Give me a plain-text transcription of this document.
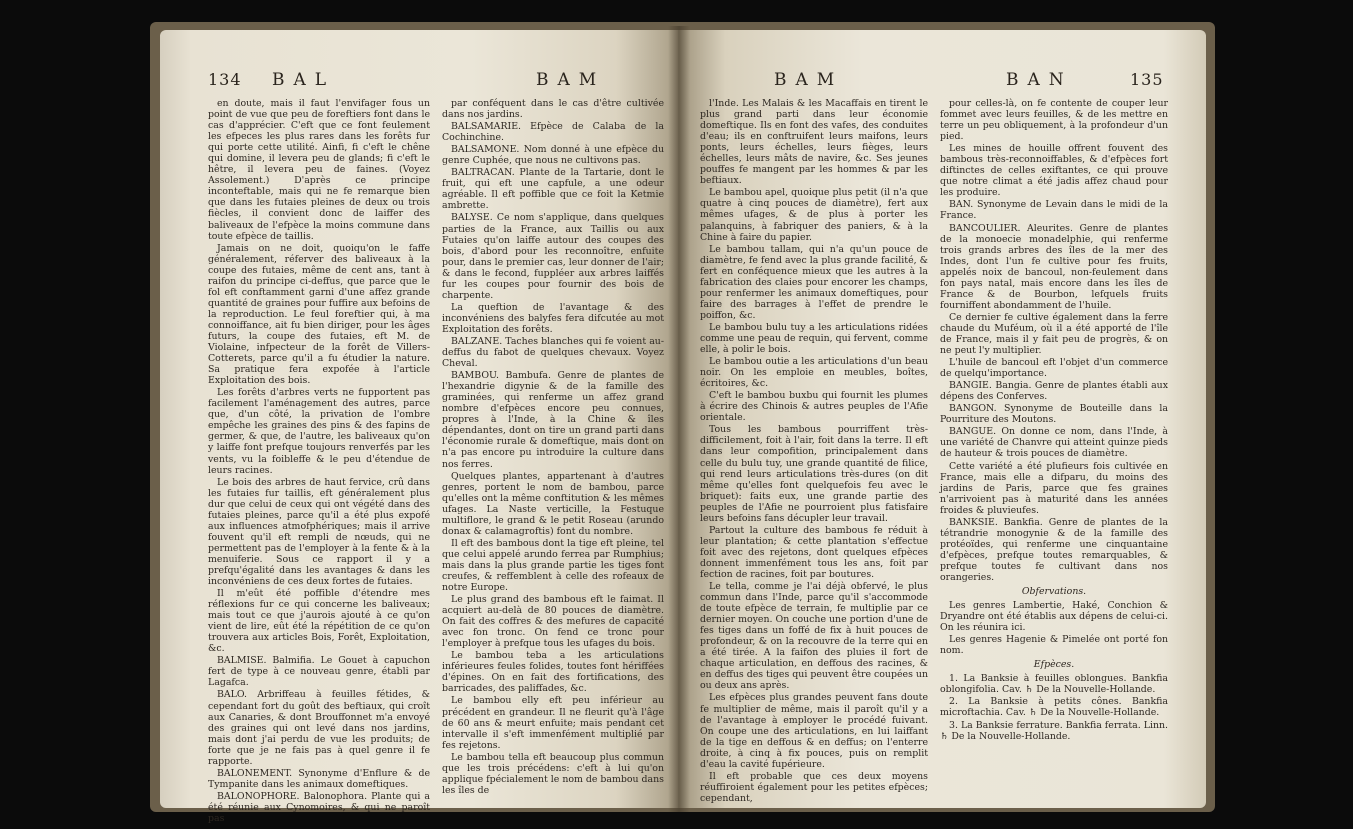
134 BAL	BAM

en doute, mais il faut l'envifager fous un point de vue que peu de foreftiers font dans le cas d'apprécier. C'eft que ce font feulement les efpeces les plus rares dans les forêts fur qui porte cette utilité. Ainfi, fi c'eft le chêne qui domine, il levera peu de glands; fi c'eft le hêtre, il levera peu de faines. (Voyez Assolement.) D'après ce principe inconteftable, mais qui ne fe remarque bien que dans les futaies pleines de deux ou trois fiècles, il convient donc de laiffer des baliveaux de l'efpèce la moins commune dans toute efpèce de taillis.

Jamais on ne doit, quoiqu'on le faffe généralement, réferver des baliveaux à la coupe des futaies, même de cent ans, tant à raifon du principe ci-deffus, que parce que le fol eft conftamment garni d'une affez grande quantité de graines pour fuffire aux befoins de la reproduction. Le feul foreftier qui, à ma connoiffance, ait fu bien diriger, pour les âges futurs, la coupe des futaies, eft M. de Violaine, infpecteur de la forêt de Villers-Cotterets, parce qu'il a fu étudier la nature. Sa pratique fera expofée à l'article Exploitation des bois.

Les forêts d'arbres verts ne fupportent pas facilement l'aménagement des autres, parce que, d'un côté, la privation de l'ombre empêche les graines des pins & des fapins de germer, & que, de l'autre, les baliveaux qu'on y laiffe font prefque toujours renverfés par les vents, vu la foibleffe & le peu d'étendue de leurs racines.

Le bois des arbres de haut fervice, crû dans les futaies fur taillis, eft généralement plus dur que celui de ceux qui ont végété dans des futaies pleines, parce qu'il a été plus expofé aux influences atmofphériques; mais il arrive fouvent qu'il eft rempli de nœuds, qui ne permettent pas de l'employer à la fente & à la menuiferie. Sous ce rapport il y a prefqu'égalité dans les avantages & dans les inconvéniens de ces deux fortes de futaies.

Il m'eût été poffible d'étendre mes réflexions fur ce qui concerne les baliveaux; mais tout ce que j'aurois ajouté à ce qu'on vient de lire, eût été la répétition de ce qu'on trouvera aux articles Bois, Forêt, Exploitation, &c.

BALMISE. Balmifia. Le Gouet à capuchon fert de type à ce nouveau genre, établi par Lagafca.

BALO. Arbriffeau à feuilles fétides, & cependant fort du goût des beftiaux, qui croît aux Canaries, & dont Brouffonnet m'a envoyé des graines qui ont levé dans nos jardins, mais dont j'ai perdu de vue les produits; de forte que je ne fais pas à quel genre il fe rapporte.

BALONEMENT. Synonyme d'Enflure & de Tympanite dans les animaux domeftiques.

BALONOPHORE. Balonophora. Plante qui a été réunie aux Cynomoires, & qui ne paroît pas

par conféquent dans le cas d'être cultivée dans nos jardins.

BALSAMARIE. Efpèce de Calaba de la Cochinchine.

BALSAMONE. Nom donné à une efpèce du genre Cuphée, que nous ne cultivons pas.

BALTRACAN. Plante de la Tartarie, dont le fruit, qui eft une capfule, a une odeur agréable. Il eft poffible que ce foit la Ketmie ambrette.

BALYSE. Ce nom s'applique, dans quelques parties de la France, aux Taillis ou aux Futaies qu'on laiffe autour des coupes des bois, d'abord pour les reconnoître, enfuite pour, dans le premier cas, leur donner de l'air; & dans le fecond, fuppléer aux arbres laiffés fur les coupes pour fournir des bois de charpente.

La queftion de l'avantage & des inconvéniens des balyfes fera difcutée au mot Exploitation des forêts.

BALZANE. Taches blanches qui fe voient au-deffus du fabot de quelques chevaux. Voyez Cheval.

BAMBOU. Bambufa. Genre de plantes de l'hexandrie digynie & de la famille des graminées, qui renferme un affez grand nombre d'efpèces encore peu connues, propres à l'Inde, à la Chine & îles dépendantes, dont on tire un grand parti dans l'économie rurale & domeftique, mais dont on n'a pas encore pu introduire la culture dans nos ferres.

Quelques plantes, appartenant à d'autres genres, portent le nom de bambou, parce qu'elles ont la même conftitution & les mêmes ufages. La Naste verticille, la Festuque multiflore, le grand & le petit Roseau (arundo donax & calamagroftis) font du nombre.

Il eft des bambous dont la tige eft pleine, tel que celui appelé arundo ferrea par Rumphius; mais dans la plus grande partie les tiges font creufes, & reffemblent à celle des rofeaux de notre Europe.

Le plus grand des bambous eft le faimat. Il acquiert au-delà de 80 pouces de diamètre. On fait des coffres & des mefures de capacité avec fon tronc. On fend ce tronc pour l'employer à prefque tous les ufages du bois.

Le bambou teba a les articulations inférieures feules folides, toutes font hériffées d'épines. On en fait des fortifications, des barricades, des paliffades, &c.

Le bambou elly eft peu inférieur au précédent en grandeur. Il ne fleurit qu'à l'âge de 60 ans & meurt enfuite; mais pendant cet intervalle il s'eft immenfément multiplié par fes rejetons.

Le bambou tella eft beaucoup plus commun que les trois précédens: c'eft à lui qu'on applique fpécialement le nom de bambou dans les îles de

BAM	BAN	135

l'Inde. Les Malais & les Macaffais en tirent le plus grand parti dans leur économie domeftique. Ils en font des vafes, des conduites d'eau; ils en conftruifent leurs maifons, leurs ponts, leurs échelles, leurs fièges, leurs échelles, leurs mâts de navire, &c. Ses jeunes pouffes fe mangent par les hommes & par les beftiaux.

Le bambou apel, quoique plus petit (il n'a que quatre à cinq pouces de diamètre), fert aux mêmes ufages, & de plus à porter les palanquins, à fabriquer des paniers, & à la Chine à faire du papier.

Le bambou tallam, qui n'a qu'un pouce de diamètre, fe fend avec la plus grande facilité, & fert en conféquence mieux que les autres à la fabrication des claies pour encorer les champs, pour renfermer les animaux domeftiques, pour faire des barrages à l'effet de prendre le poiffon, &c.

Le bambou bulu tuy a les articulations ridées comme une peau de requin, qui fervent, comme elle, à polir le bois.

Le bambou outie a les articulations d'un beau noir. On les emploie en meubles, boîtes, écritoires, &c.

C'eft le bambou buxbu qui fournit les plumes à écrire des Chinois & autres peuples de l'Afie orientale.

Tous les bambous pourriffent très-difficilement, foit à l'air, foit dans la terre. Il eft dans leur compofition, principalement dans celle du bulu tuy, une grande quantité de filice, qui rend leurs articulations très-dures (on dit même qu'elles font quelquefois feu avec le briquet): faits eux, une grande partie des peuples de l'Afie ne pourroient plus fatisfaire leurs befoins fans décupler leur travail.

Partout la culture des bambous fe réduit à leur plantation; & cette plantation s'effectue foit avec des rejetons, dont quelques efpèces donnent immenfément tous les ans, foit par fection de racines, foit par boutures.

Le tella, comme je l'ai déjà obfervé, le plus commun dans l'Inde, parce qu'il s'accommode de toute efpèce de terrain, fe multiplie par ce dernier moyen. On couche une portion d'une de fes tiges dans un foffé de fix à huit pouces de profondeur, & on la recouvre de la terre qui en a été tirée. A la faifon des pluies il fort de chaque articulation, en deffous des racines, & en deffus des tiges qui peuvent être coupées un ou deux ans après.

Les efpèces plus grandes peuvent fans doute fe multiplier de même, mais il paroît qu'il y a de l'avantage à employer le procédé fuivant. On coupe une des articulations, en lui laiffant de la tige en deffous & en deffus; on l'enterre droite, à cinq à fix pouces, puis on remplit d'eau la cavité fupérieure.

Il eft probable que ces deux moyens réuffiroient également pour les petites efpèces; cependant,

pour celles-là, on fe contente de couper leur fommet avec leurs feuilles, & de les mettre en terre un peu obliquement, à la profondeur d'un pied.

Les mines de houille offrent fouvent des bambous très-reconnoiffables, & d'efpèces fort diftinctes de celles exiftantes, ce qui prouve que notre climat a été jadis affez chaud pour les produire.

BAN. Synonyme de Levain dans le midi de la France.

BANCOULIER. Aleurites. Genre de plantes de la monoecie monadelphie, qui renferme trois grands arbres des îles de la mer des Indes, dont l'un fe cultive pour fes fruits, appelés noix de bancoul, non-feulement dans fon pays natal, mais encore dans les îles de France & de Bourbon, lefquels fruits fourniffent abondamment de l'huile.

Ce dernier fe cultive également dans la ferre chaude du Muféum, où il a été apporté de l'île de France, mais il y fait peu de progrès, & on ne peut l'y multiplier.

L'huile de bancoul eft l'objet d'un commerce de quelqu'importance.

BANGIE. Bangia. Genre de plantes établi aux dépens des Conferves.

BANGON. Synonyme de Bouteille dans la Pourriture des Moutons.

BANGUE. On donne ce nom, dans l'Inde, à une variété de Chanvre qui atteint quinze pieds de hauteur & trois pouces de diamètre.

Cette variété a été plufieurs fois cultivée en France, mais elle a difparu, du moins des jardins de Paris, parce que fes graines n'arrivoient pas à maturité dans les années froides & pluvieufes.

BANKSIE. Bankfia. Genre de plantes de la tétrandrie monogynie & de la famille des protéoïdes, qui renferme une cinquantaine d'efpèces, prefque toutes remarquables, & prefque toutes fe cultivant dans nos orangeries.

Obfervations.

Les genres Lambertie, Haké, Conchion & Dryandre ont été établis aux dépens de celui-ci. On les réunira ici.

Les genres Hagenie & Pimelée ont porté fon nom.

Efpèces.

1. La Banksie à feuilles oblongues. Bankfia oblongifolia. Cav. ♄ De la Nouvelle-Hollande.

2. La Banksie à petits cônes. Bankfia microftachia. Cav. ♄ De la Nouvelle-Hollande.

3. La Banksie ferrature. Bankfia ferrata. Linn. ♄ De la Nouvelle-Hollande.
